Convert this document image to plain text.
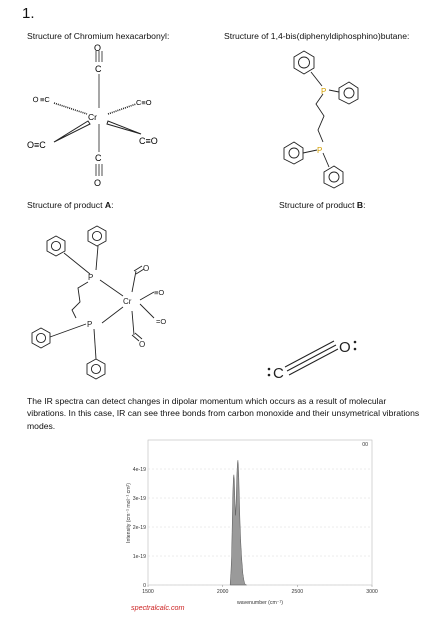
1.
Structure of Chromium hexacarbonyl:	Structure of 1,4-bis(diphenyldiphosphino)butane:
Structure of product A:	Structure of product B:
O
C
Cr
C
O
O ≡C	C≡O
O≡C	C≡O
P
P
O
Cr
≡O
=O
O
P
P
C
O
The IR spectra can detect changes in dipolar momentum which occurs as a result of molecular vibrations. In this case, IR can see three bonds from carbon monoxide and their unsymetrical vibrations modes.
00
4e-19
3e-19
2e-19
1e-19
0
1500	2000	2500	3000
Intensity (cm⁻¹ mol⁻¹ cm²)
wavenumber (cm⁻¹)
spectralcalc.com
